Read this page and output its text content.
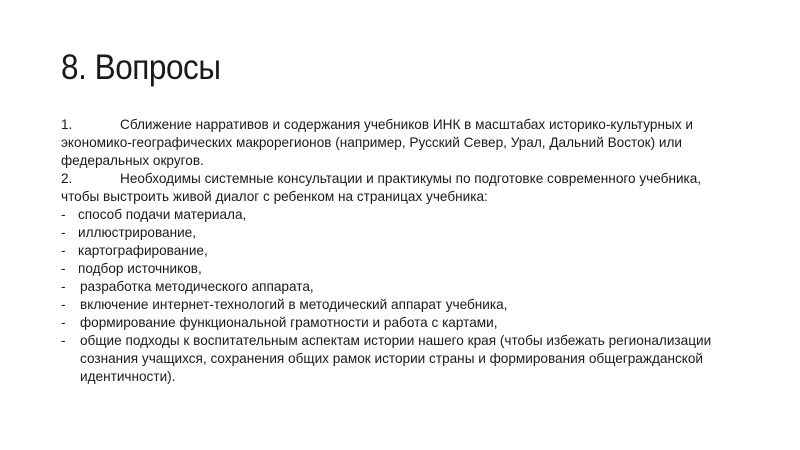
8. Вопросы
1.	Сближение нарративов и содержания учебников ИНК в масштабах историко-культурных и
экономико-географических макрорегионов (например, Русский Север, Урал, Дальний Восток) или
федеральных округов.
2.	Необходимы системные консультации и практикумы по подготовке современного учебника,
чтобы выстроить живой диалог с ребенком на страницах учебника:
- способ подачи материала,
- иллюстрирование,
- картографирование,
- подбор источников,
- разработка методического аппарата,
- включение интернет-технологий в методический аппарат учебника,
- формирование функциональной грамотности и работа с картами,
- общие подходы к воспитательным аспектам истории нашего края (чтобы избежать регионализации
сознания учащихся, сохранения общих рамок истории страны и формирования общегражданской
идентичности).
